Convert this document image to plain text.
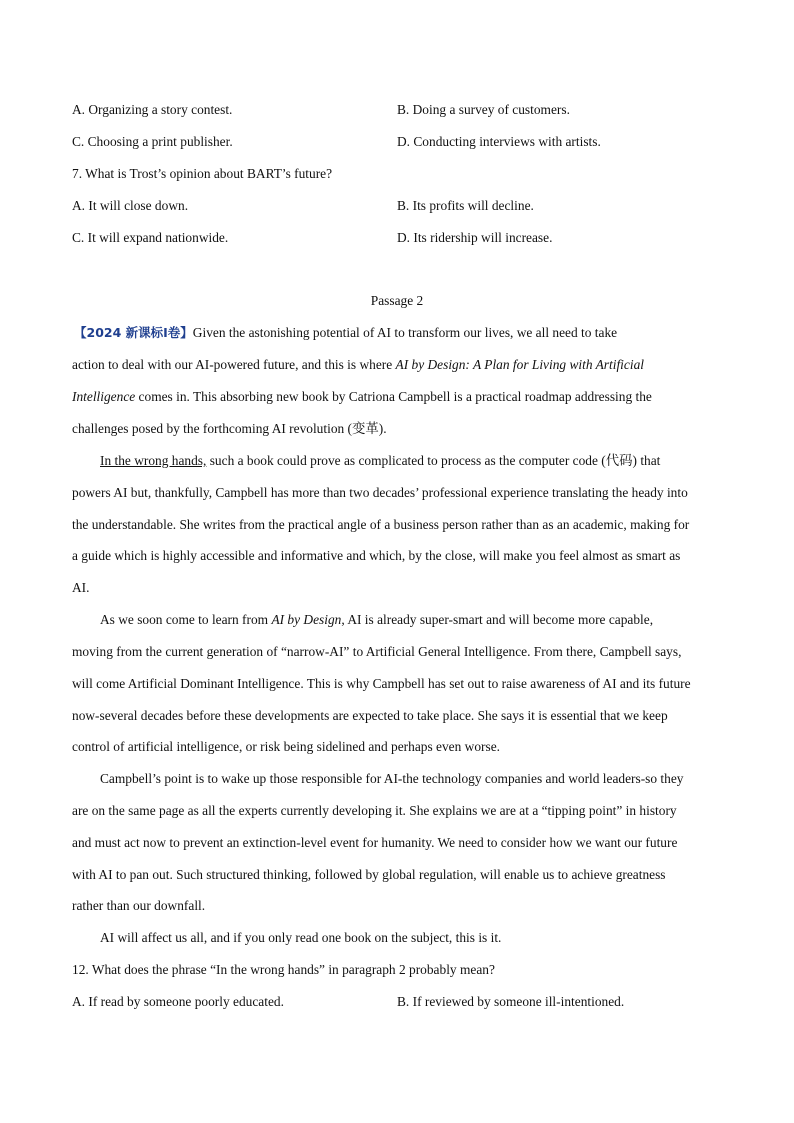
A. Organizing a story contest.	B. Doing a survey of customers.
C. Choosing a print publisher.	D. Conducting interviews with artists.
7. What is Trost’s opinion about BART’s future?
A. It will close down.	B. Its profits will decline.
C. It will expand nationwide.	D. Its ridership will increase.
Passage 2
【2024 新课标Ⅰ卷】Given the astonishing potential of AI to transform our lives, we all need to take
action to deal with our AI-powered future, and this is where AI by Design: A Plan for Living with Artificial
Intelligence comes in. This absorbing new book by Catriona Campbell is a practical roadmap addressing the
challenges posed by the forthcoming AI revolution (变革).
In the wrong hands, such a book could prove as complicated to process as the computer code (代码) that
powers AI but, thankfully, Campbell has more than two decades’ professional experience translating the heady into
the understandable. She writes from the practical angle of a business person rather than as an academic, making for
a guide which is highly accessible and informative and which, by the close, will make you feel almost as smart as
AI.
As we soon come to learn from AI by Design, AI is already super-smart and will become more capable,
moving from the current generation of “narrow-AI” to Artificial General Intelligence. From there, Campbell says,
will come Artificial Dominant Intelligence. This is why Campbell has set out to raise awareness of AI and its future
now-several decades before these developments are expected to take place. She says it is essential that we keep
control of artificial intelligence, or risk being sidelined and perhaps even worse.
Campbell’s point is to wake up those responsible for AI-the technology companies and world leaders-so they
are on the same page as all the experts currently developing it. She explains we are at a “tipping point” in history
and must act now to prevent an extinction-level event for humanity. We need to consider how we want our future
with AI to pan out. Such structured thinking, followed by global regulation, will enable us to achieve greatness
rather than our downfall.
AI will affect us all, and if you only read one book on the subject, this is it.
12. What does the phrase “In the wrong hands” in paragraph 2 probably mean?
A. If read by someone poorly educated.	B. If reviewed by someone ill-intentioned.
